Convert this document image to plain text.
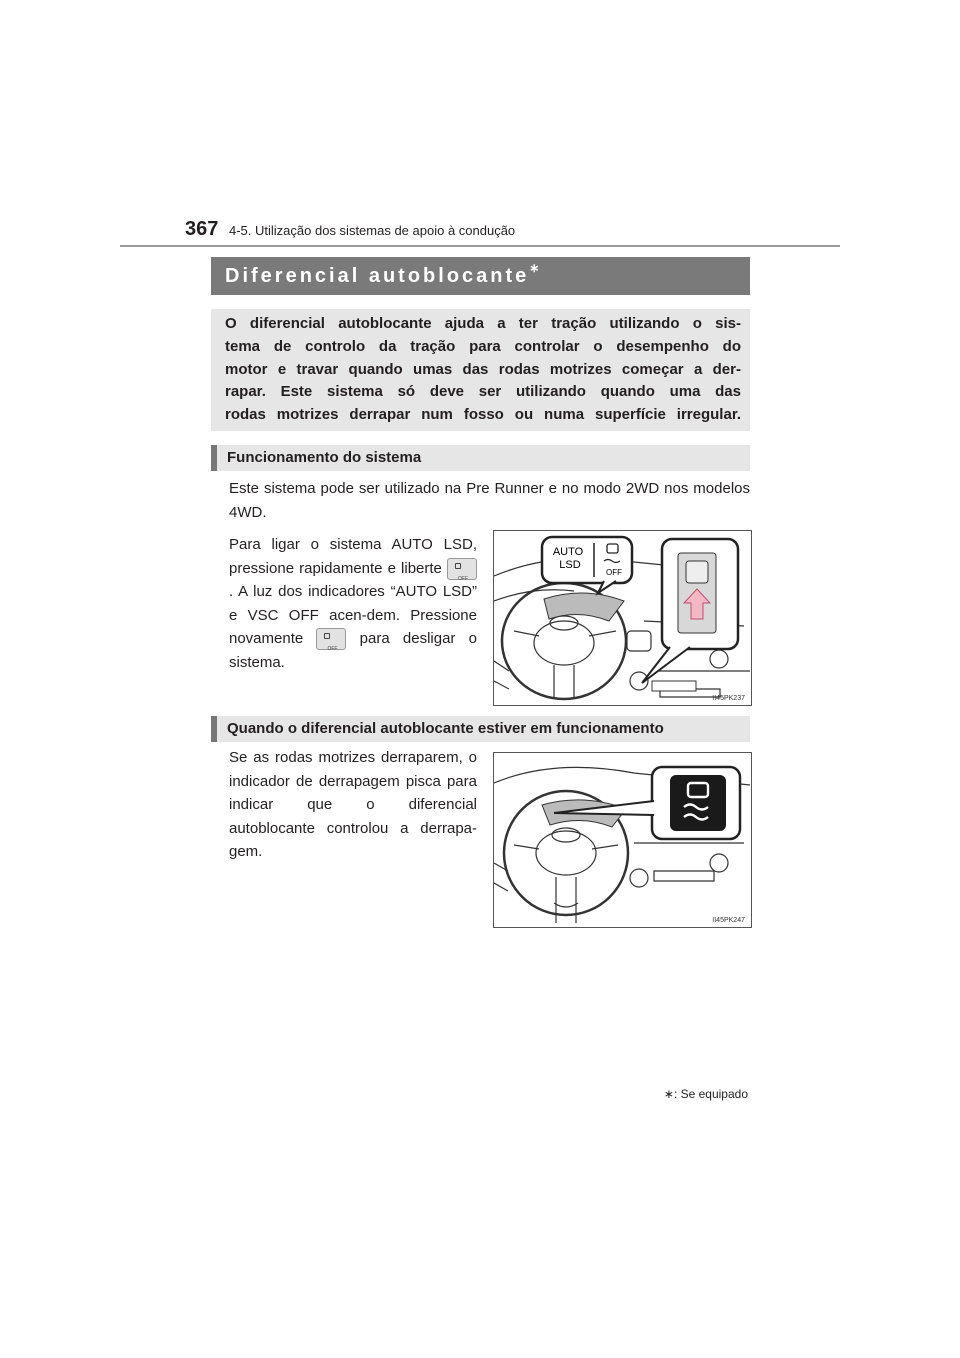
367 4-5. Utilização dos sistemas de apoio à condução
Diferencial autoblocante∗
O diferencial autoblocante ajuda a ter tração utilizando o sis-
tema de controlo da tração para controlar o desempenho do
motor e travar quando umas das rodas motrizes começar a der-
rapar. Este sistema só deve ser utilizando quando uma das
rodas motrizes derrapar num fosso ou numa superfície irregular.
Funcionamento do sistema
Este sistema pode ser utilizado na Pre Runner e no modo 2WD nos modelos 4WD.
Para ligar o sistema AUTO LSD, pressione rapidamente e liberte OFF. A luz dos indicadores “AUTO LSD” e VSC OFF acen-dem. Pressione novamente OFF	para desligar o sistema.
AUTO
LSD
OFF
II45PK237
Quando o diferencial autoblocante estiver em funcionamento
Se as rodas motrizes derraparem, o indicador de derrapagem pisca para indicar que o diferencial autoblocante controlou a derrapa-gem.
II45PK247
∗: Se equipado
